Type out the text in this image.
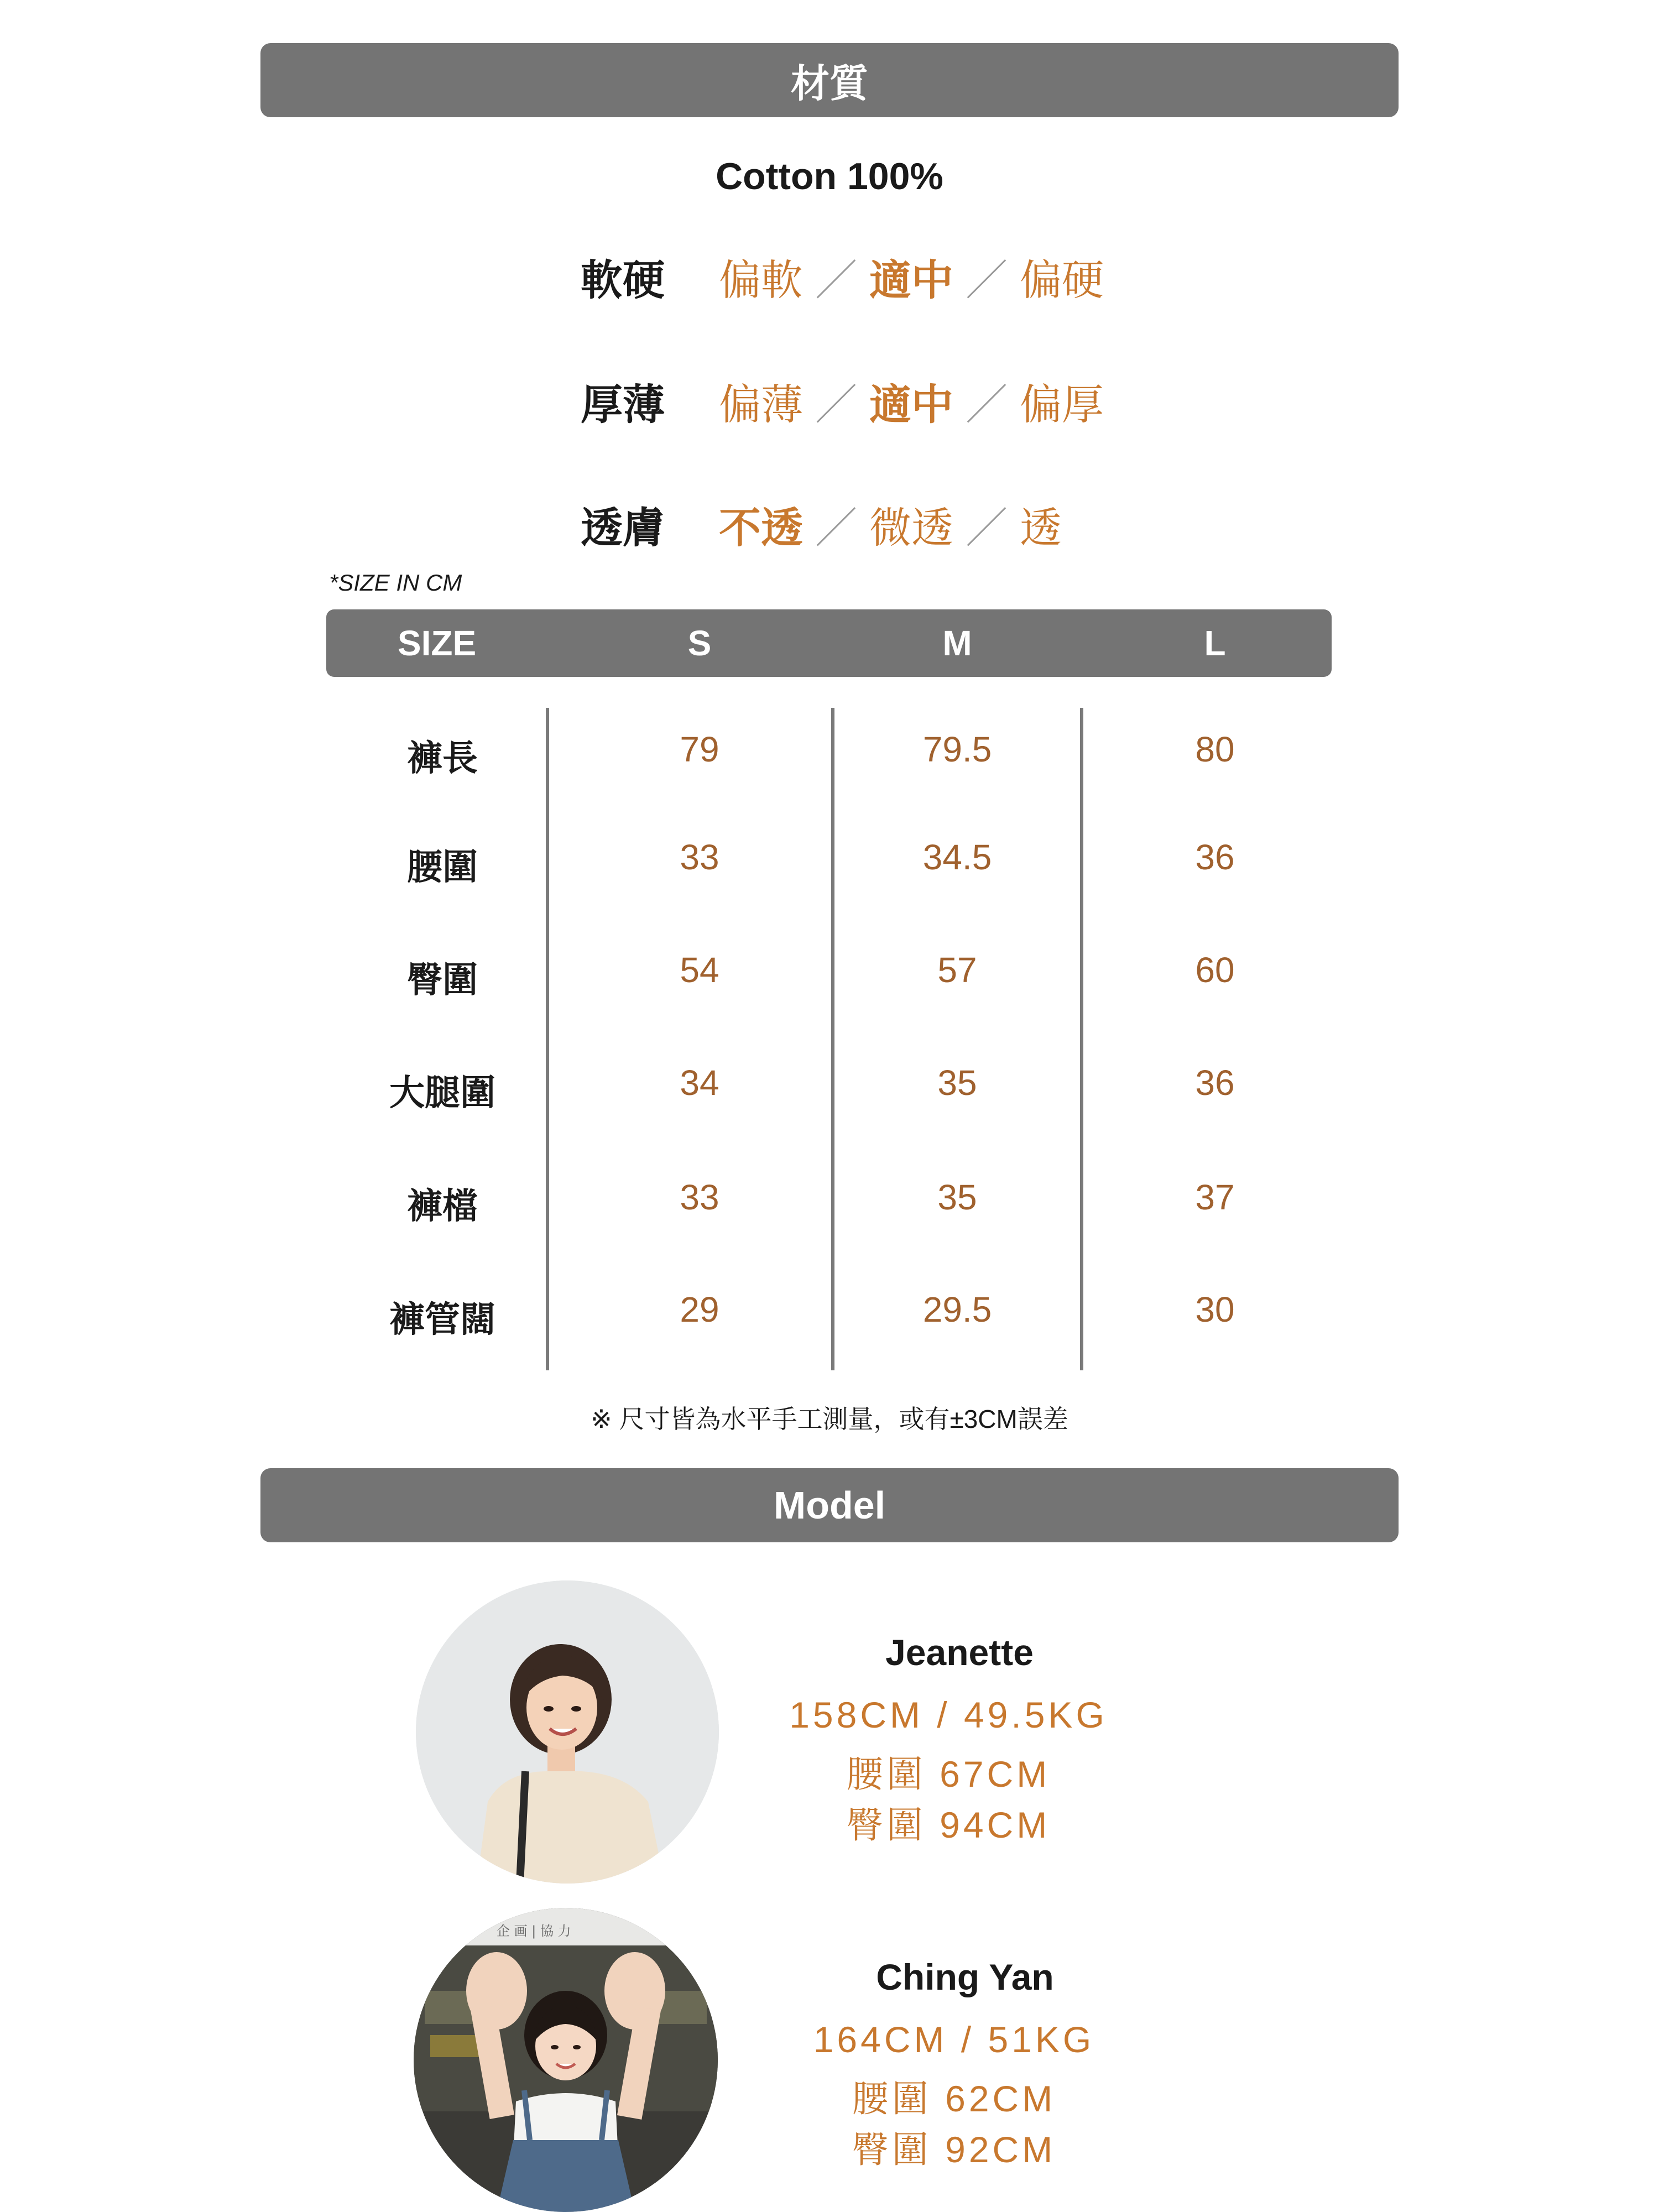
材質
Cotton 100%
軟硬	偏軟 ／ 適中 ／ 偏硬
厚薄	偏薄 ／ 適中 ／ 偏厚
透膚	不透 ／ 微透 ／ 透
*SIZE IN CM
SIZE	S	M	L
褲長	79	79.5	80
腰圍	33	34.5	36
臀圍	54	57	60
大腿圍	34	35	36
褲檔	33	35	37
褲管闊	29	29.5	30
※ 尺寸皆為水平手工測量，或有±3CM誤差
Model
Jeanette
158CM / 49.5KG
腰圍 67CM
臀圍 94CM
企 画 | 協 力
Ching Yan
164CM / 51KG
腰圍 62CM
臀圍 92CM
